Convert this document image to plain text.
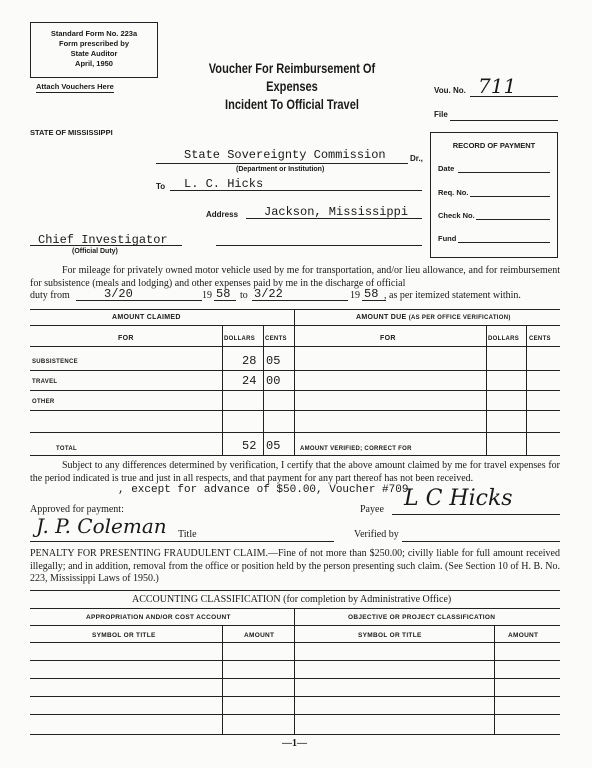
Standard Form No. 223a
Form prescribed by
State Auditor
April, 1950
Attach Vouchers Here
Voucher For Reimbursement Of Expenses
Incident To Official Travel
Vou. No. 711
File
STATE OF MISSISSIPPI
State Sovereignty Commission	Dr.,
(Department or Institution)
To L. C. Hicks
Address Jackson, Mississippi
Chief Investigator
(Official Duty)
RECORD OF PAYMENT
Date
Req. No.
Check No.
Fund
For mileage for privately owned motor vehicle used by me for transportation, and/or lieu allowance, and for reimbursement for subsistence (meals and lodging) and other expenses paid by me in the discharge of official
duty from	3/20	19 58 to 3/22	19 58 , as per itemized statement within.
AMOUNT CLAIMED	AMOUNT DUE (AS PER OFFICE VERIFICATION)
FOR	DOLLARS CENTS	FOR	DOLLARS CENTS
SUBSISTENCE	28 05
TRAVEL	24 00
OTHER
TOTAL	52 05	AMOUNT VERIFIED; CORRECT FOR
Subject to any differences determined by verification, I certify that the above amount claimed by me for travel expenses for the period indicated is true and just in all respects, and that payment for any part thereof has not been received.
, except for advance of $50.00, Voucher #709
Approved for payment:
J. P. Coleman Title	Verified by
Payee L C Hicks
PENALTY FOR PRESENTING FRAUDULENT CLAIM.—Fine of not more than $250.00; civilly liable for full amount received illegally; and in addition, removal from the office or position held by the person presenting such claim. (See Section 10 of H. B. No. 223, Mississippi Laws of 1950.)
ACCOUNTING CLASSIFICATION (for completion by Administrative Office)
APPROPRIATION AND/OR COST ACCOUNT	OBJECTIVE OR PROJECT CLASSIFICATION
SYMBOL OR TITLE	AMOUNT	SYMBOL OR TITLE	AMOUNT
—1—
